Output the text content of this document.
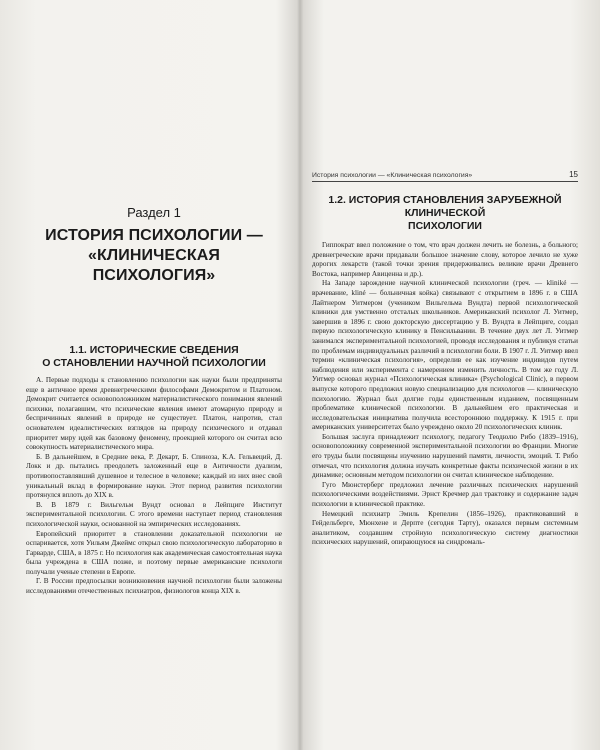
Раздел 1
ИСТОРИЯ ПСИХОЛОГИИ —
«КЛИНИЧЕСКАЯ ПСИХОЛОГИЯ»
1.1. ИСТОРИЧЕСКИЕ СВЕДЕНИЯ
О СТАНОВЛЕНИИ НАУЧНОЙ ПСИХОЛОГИИ

А. Первые подходы к становлению психологии как науки были предприняты еще в античное время древнегреческими философами Демокритом и Платоном. Демокрит считается основоположником материалистического понимания явлений психики, полагавшим, что психические явления имеют атомарную природу и беспричинных явлений в природе не существует. Платон, напротив, стал основателем идеалистических взглядов на природу психического и отдавал приоритет миру идей как базовому феномену, проекцией которого он считал всю совокупность материалистического мира.

Б. В дальнейшем, в Средние века, Р. Декарт, Б. Спиноза, К.А. Гельвеций, Д. Локк и др. пытались преодолеть заложенный еще в Античности дуализм, противопоставлявший душевное и телесное в человеке; каждый из них внес свой уникальный вклад в формирование науки. Этот период развития психологии протянулся вплоть до XIX в.

В. В 1879 г. Вильгельм Вундт основал в Лейпциге Институт экспериментальной психологии. С этого времени наступает период становления психологической науки, основанной на эмпирических исследованиях.

Европейский приоритет в становлении доказательной психологии не оспаривается, хотя Уильям Джеймс открыл свою психологическую лабораторию в Гарварде, США, в 1875 г. Но психология как академическая самостоятельная наука была учреждена в США позже, и поэтому первые американские психологи получали ученые степени в Европе.

Г. В России предпосылки возникновения научной психологии были заложены исследованиями отечественных психиатров, физиологов конца XIX в.

История психологии — «Клиническая психология»	15
1.2. ИСТОРИЯ СТАНОВЛЕНИЯ ЗАРУБЕЖНОЙ КЛИНИЧЕСКОЙ
ПСИХОЛОГИИ

Гиппократ ввел положение о том, что врач должен лечить не болезнь, а больного; древнегреческие врачи придавали большое значение слову, которое лечило не хуже дорогих лекарств (такой точки зрения придерживались великие врачи Древнего Востока, например Авиценна и др.).

На Западе зарождение научной клинической психологии (греч. — kliniké — врачевание, kliné — больничная койка) связывают с открытием в 1896 г. в США Лайтнером Уитмером (учеником Вильгельма Вундта) первой психологической клиники для умственно отсталых школьников. Американский психолог Л. Уитмер, завершив в 1896 г. свою докторскую диссертацию у В. Вундта в Лейпциге, создал первую психологическую клинику в Пенсильвании. В течение двух лет Л. Уитмер занимался экспериментальной психологией, проводя исследования и публикуя статьи по проблемам индивидуальных различий в психологии боли. В 1907 г. Л. Уитмер ввел термин «клиническая психология», определив ее как изучение индивидов путем наблюдения или эксперимента с намерением изменить личность. В том же году Л. Уитмер основал журнал «Психологическая клиника» (Psychological Clinic), в первом выпуске которого предложил новую специализацию для психологов — клиническую психологию. Журнал был долгие годы единственным изданием, посвященным проблематике клинической психологии. В дальнейшем его практическая и исследовательская инициатива получила всестороннюю поддержку. К 1915 г. при американских университетах было учреждено около 20 психологических клиник.

Большая заслуга принадлежит психологу, педагогу Теодюлю Рибо (1839–1916), основоположнику современной экспериментальной психологии во Франции. Многие его труды были посвящены изучению нарушений памяти, личности, эмоций. Т. Рибо отмечал, что психология должна изучать конкретные факты психической жизни в их динамике; основным методом психологии он считал клиническое наблюдение.

Гуго Мюнстерберг предложил лечение различных психических нарушений психологическими воздействиями. Эрнст Кречмер дал трактовку и содержание задач психологии в клинической практике.

Немецкий психиатр Эмиль Крепелин (1856–1926), практиковавший в Гейдельберге, Мюнхене и Дерпте (сегодня Тарту), оказался первым системным аналитиком, создавшим стройную психологическую систему диагностики психических нарушений, опирающуюся на синдромаль-
